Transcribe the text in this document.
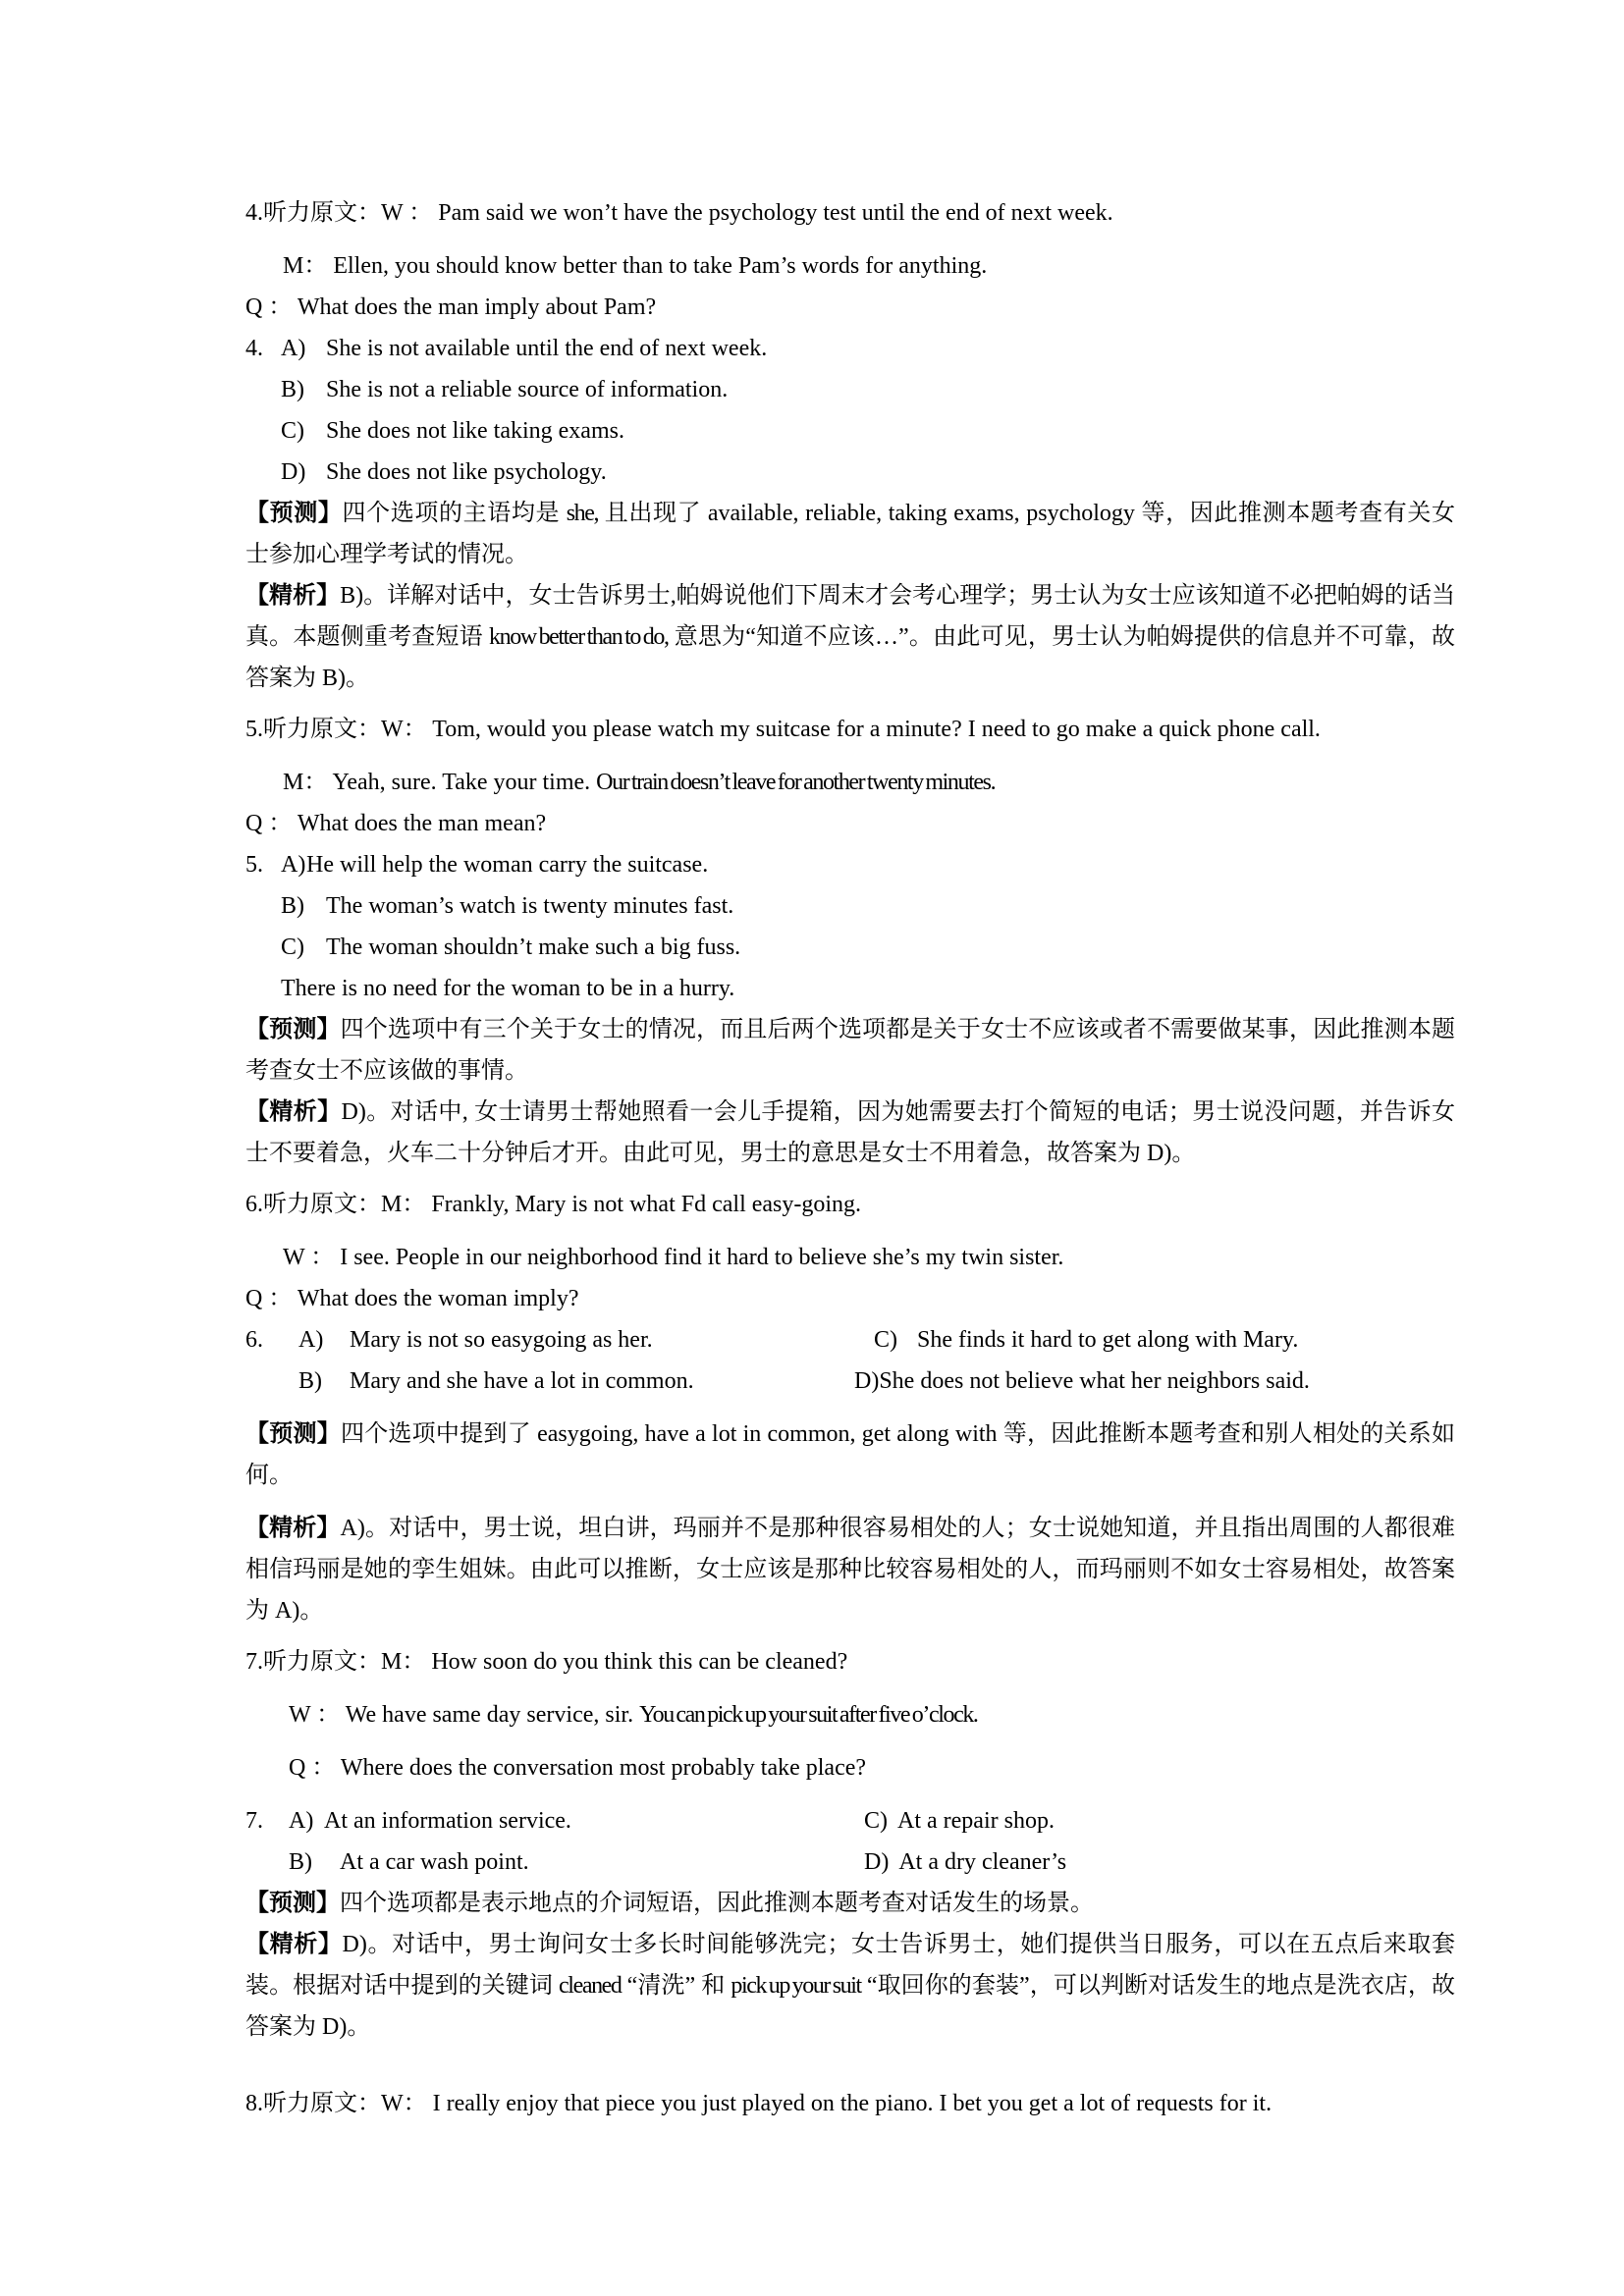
4.听力原文：W ： Pam said we won’t have the psychology test until the end of next week.

M： Ellen, you should know better than to take Pam’s words for anything.

Q ： What does the man imply about Pam?

4. A) She is not available until the end of next week.
B) She is not a reliable source of information.
C) She does not like taking exams.
D) She does not like psychology.

【预测】四个选项的主语均是 she, 且出现了 available, reliable, taking exams, psychology 等，因此推测本题考查有关女士参加心理学考试的情况。

【精析】B)。详解对话中，女士告诉男士,帕姆说他们下周末才会考心理学；男士认为女士应该知道不必把帕姆的话当真。本题侧重考查短语 know better than to do, 意思为“知道不应该…”。由此可见，男士认为帕姆提供的信息并不可靠，故答案为 B)。

5.听力原文：W： Tom, would you please watch my suitcase for a minute? I need to go make a quick phone call.

M： Yeah, sure. Take your time. Our train doesn’t leave for another twenty minutes.

Q ： What does the man mean?

5. A)He will help the woman carry the suitcase.
B) The woman’s watch is twenty minutes fast.
C) The woman shouldn’t make such a big fuss.
There is no need for the woman to be in a hurry.

【预测】四个选项中有三个关于女士的情况，而且后两个选项都是关于女士不应该或者不需要做某事，因此推测本题考查女士不应该做的事情。

【精析】D)。对话中, 女士请男士帮她照看一会儿手提箱，因为她需要去打个简短的电话；男士说没问题，并告诉女士不要着急，火车二十分钟后才开。由此可见，男士的意思是女士不用着急，故答案为 D)。

6.听力原文：M： Frankly, Mary is not what Fd call easy-going.

W ： I see. People in our neighborhood find it hard to believe she’s my twin sister.

Q ： What does the woman imply?

6.	A) Mary is not so easygoing as her.	C) She finds it hard to get along with Mary.
B) Mary and she have a lot in common.	D)She does not believe what her neighbors said.

【预测】四个选项中提到了 easygoing, have a lot in common, get along with 等，因此推断本题考查和别人相处的关系如何。

【精析】A)。对话中，男士说，坦白讲，玛丽并不是那种很容易相处的人；女士说她知道，并且指出周围的人都很难相信玛丽是她的孪生姐妹。由此可以推断，女士应该是那种比较容易相处的人，而玛丽则不如女士容易相处，故答案为 A)。

7.听力原文：M： How soon do you think this can be cleaned?

W ： We have same day service, sir. You can pick up your suit after five o’clock.

Q ： Where does the conversation most probably take place?

7.	A) At an information service.	C) At a repair shop.
B) At a car wash point.	D) At a dry cleaner’s

【预测】四个选项都是表示地点的介词短语，因此推测本题考查对话发生的场景。

【精析】D)。对话中，男士询问女士多长时间能够洗完；女士告诉男士，她们提供当日服务，可以在五点后来取套装。根据对话中提到的关键词 cleaned “清洗” 和 pick up your suit “取回你的套装”，可以判断对话发生的地点是洗衣店，故答案为 D)。

8.听力原文：W： I really enjoy that piece you just played on the piano. I bet you get a lot of requests for it.
